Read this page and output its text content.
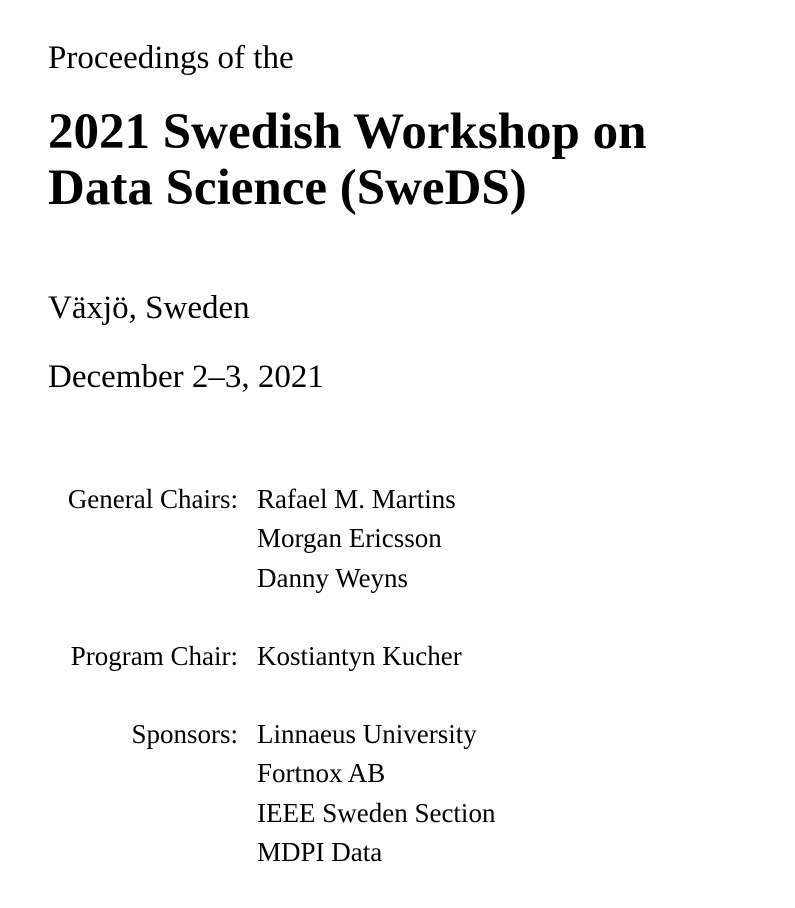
Proceedings of the
2021 Swedish Workshop on
Data Science (SweDS)
Växjö, Sweden
December 2–3, 2021
General Chairs: Rafael M. Martins
Morgan Ericsson
Danny Weyns
Program Chair: Kostiantyn Kucher
Sponsors: Linnaeus University
Fortnox AB
IEEE Sweden Section
MDPI Data
